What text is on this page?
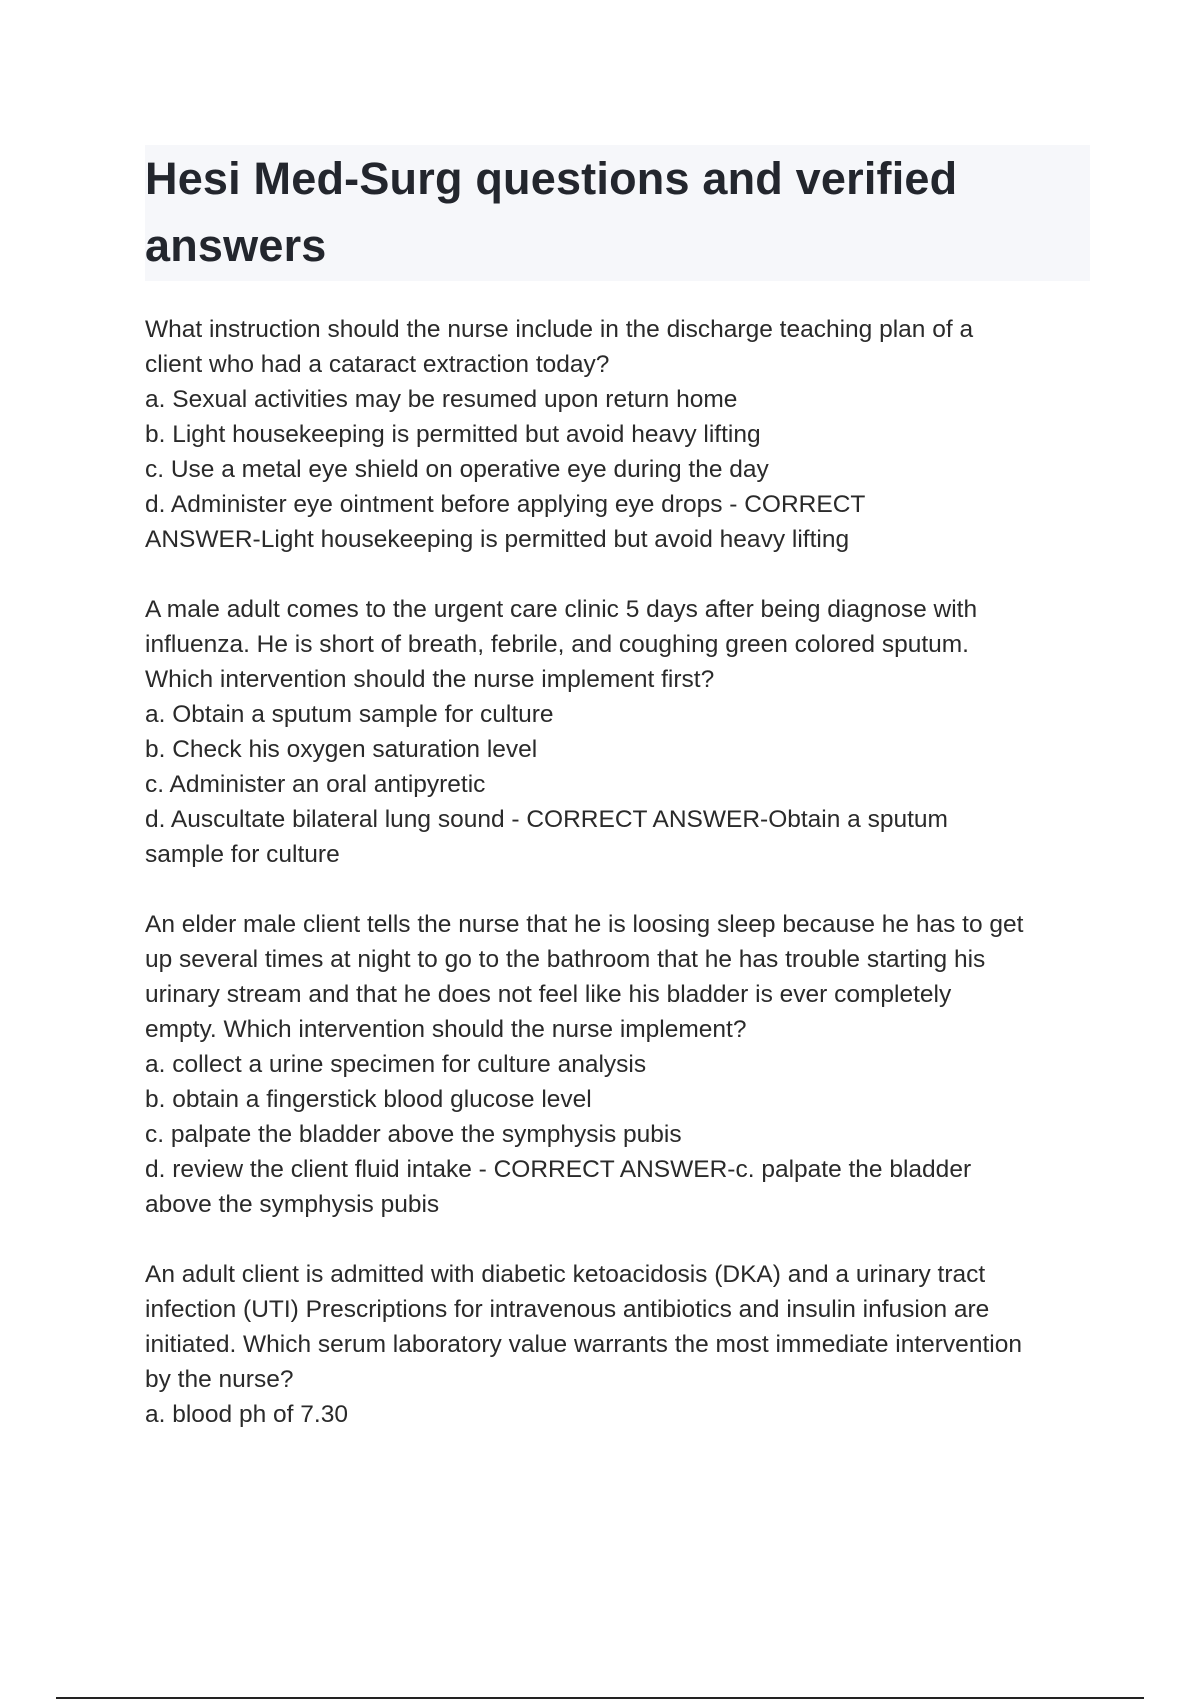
Hesi Med-Surg questions and verified
answers
What instruction should the nurse include in the discharge teaching plan of a
client who had a cataract extraction today?
a. Sexual activities may be resumed upon return home
b. Light housekeeping is permitted but avoid heavy lifting
c. Use a metal eye shield on operative eye during the day
d. Administer eye ointment before applying eye drops - CORRECT
ANSWER-Light housekeeping is permitted but avoid heavy lifting
A male adult comes to the urgent care clinic 5 days after being diagnose with
influenza. He is short of breath, febrile, and coughing green colored sputum.
Which intervention should the nurse implement first?
a. Obtain a sputum sample for culture
b. Check his oxygen saturation level
c. Administer an oral antipyretic
d. Auscultate bilateral lung sound - CORRECT ANSWER-Obtain a sputum
sample for culture
An elder male client tells the nurse that he is loosing sleep because he has to get
up several times at night to go to the bathroom that he has trouble starting his
urinary stream and that he does not feel like his bladder is ever completely
empty. Which intervention should the nurse implement?
a. collect a urine specimen for culture analysis
b. obtain a fingerstick blood glucose level
c. palpate the bladder above the symphysis pubis
d. review the client fluid intake - CORRECT ANSWER-c. palpate the bladder
above the symphysis pubis
An adult client is admitted with diabetic ketoacidosis (DKA) and a urinary tract
infection (UTI) Prescriptions for intravenous antibiotics and insulin infusion are
initiated. Which serum laboratory value warrants the most immediate intervention
by the nurse?
a. blood ph of 7.30
